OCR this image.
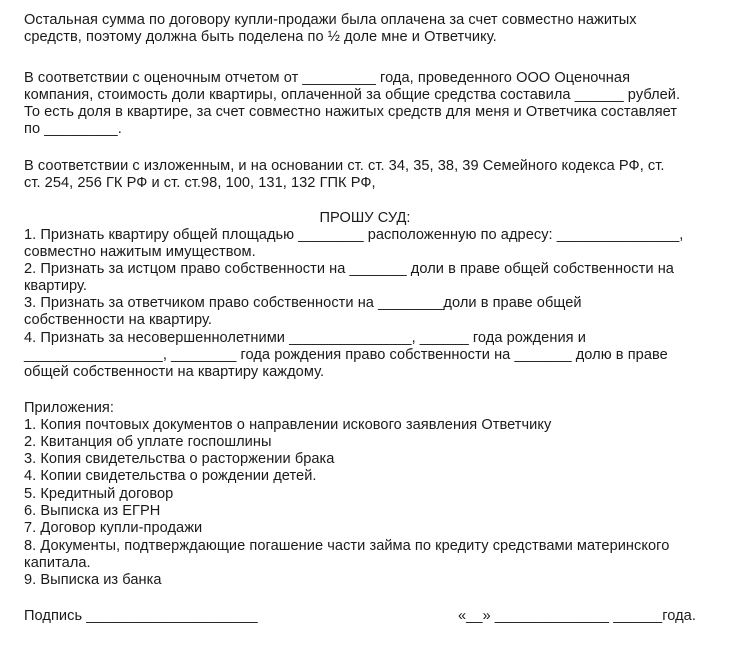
Остальная сумма по договору купли-продажи была оплачена за счет совместно нажитых
средств, поэтому должна быть поделена по ½ доле мне и Ответчику.
В соответствии с оценочным отчетом от _________ года, проведенного ООО Оценочная
компания, стоимость доли квартиры, оплаченной за общие средства составила ______ рублей.
То есть доля в квартире, за счет совместно нажитых средств для меня и Ответчика составляет
по _________.
В соответствии с изложенным, и на основании ст. ст. 34, 35, 38, 39 Семейного кодекса РФ, ст.
ст. 254, 256 ГК РФ и ст. ст.98, 100, 131, 132 ГПК РФ,
ПРОШУ СУД:
1. Признать квартиру общей площадью ________ расположенную по адресу: _______________,
совместно нажитым имуществом.
2. Признать за истцом право собственности на _______ доли в праве общей собственности на
квартиру.
3. Признать за ответчиком право собственности на ________доли в праве общей
собственности на квартиру.
4. Признать за несовершеннолетними _______________, ______ года рождения и
_________________, ________ года рождения право собственности на _______ долю в праве
общей собственности на квартиру каждому.
Приложения:
1. Копия почтовых документов о направлении искового заявления Ответчику
2. Квитанция об уплате госпошлины
3. Копия свидетельства о расторжении брака
4. Копии свидетельства о рождении детей.
5. Кредитный договор
6. Выписка из ЕГРН
7. Договор купли-продажи
8. Документы, подтверждающие погашение части займа по кредиту средствами материнского
капитала.
9. Выписка из банка
Подпись _____________________	«__» ______________ ______года.
